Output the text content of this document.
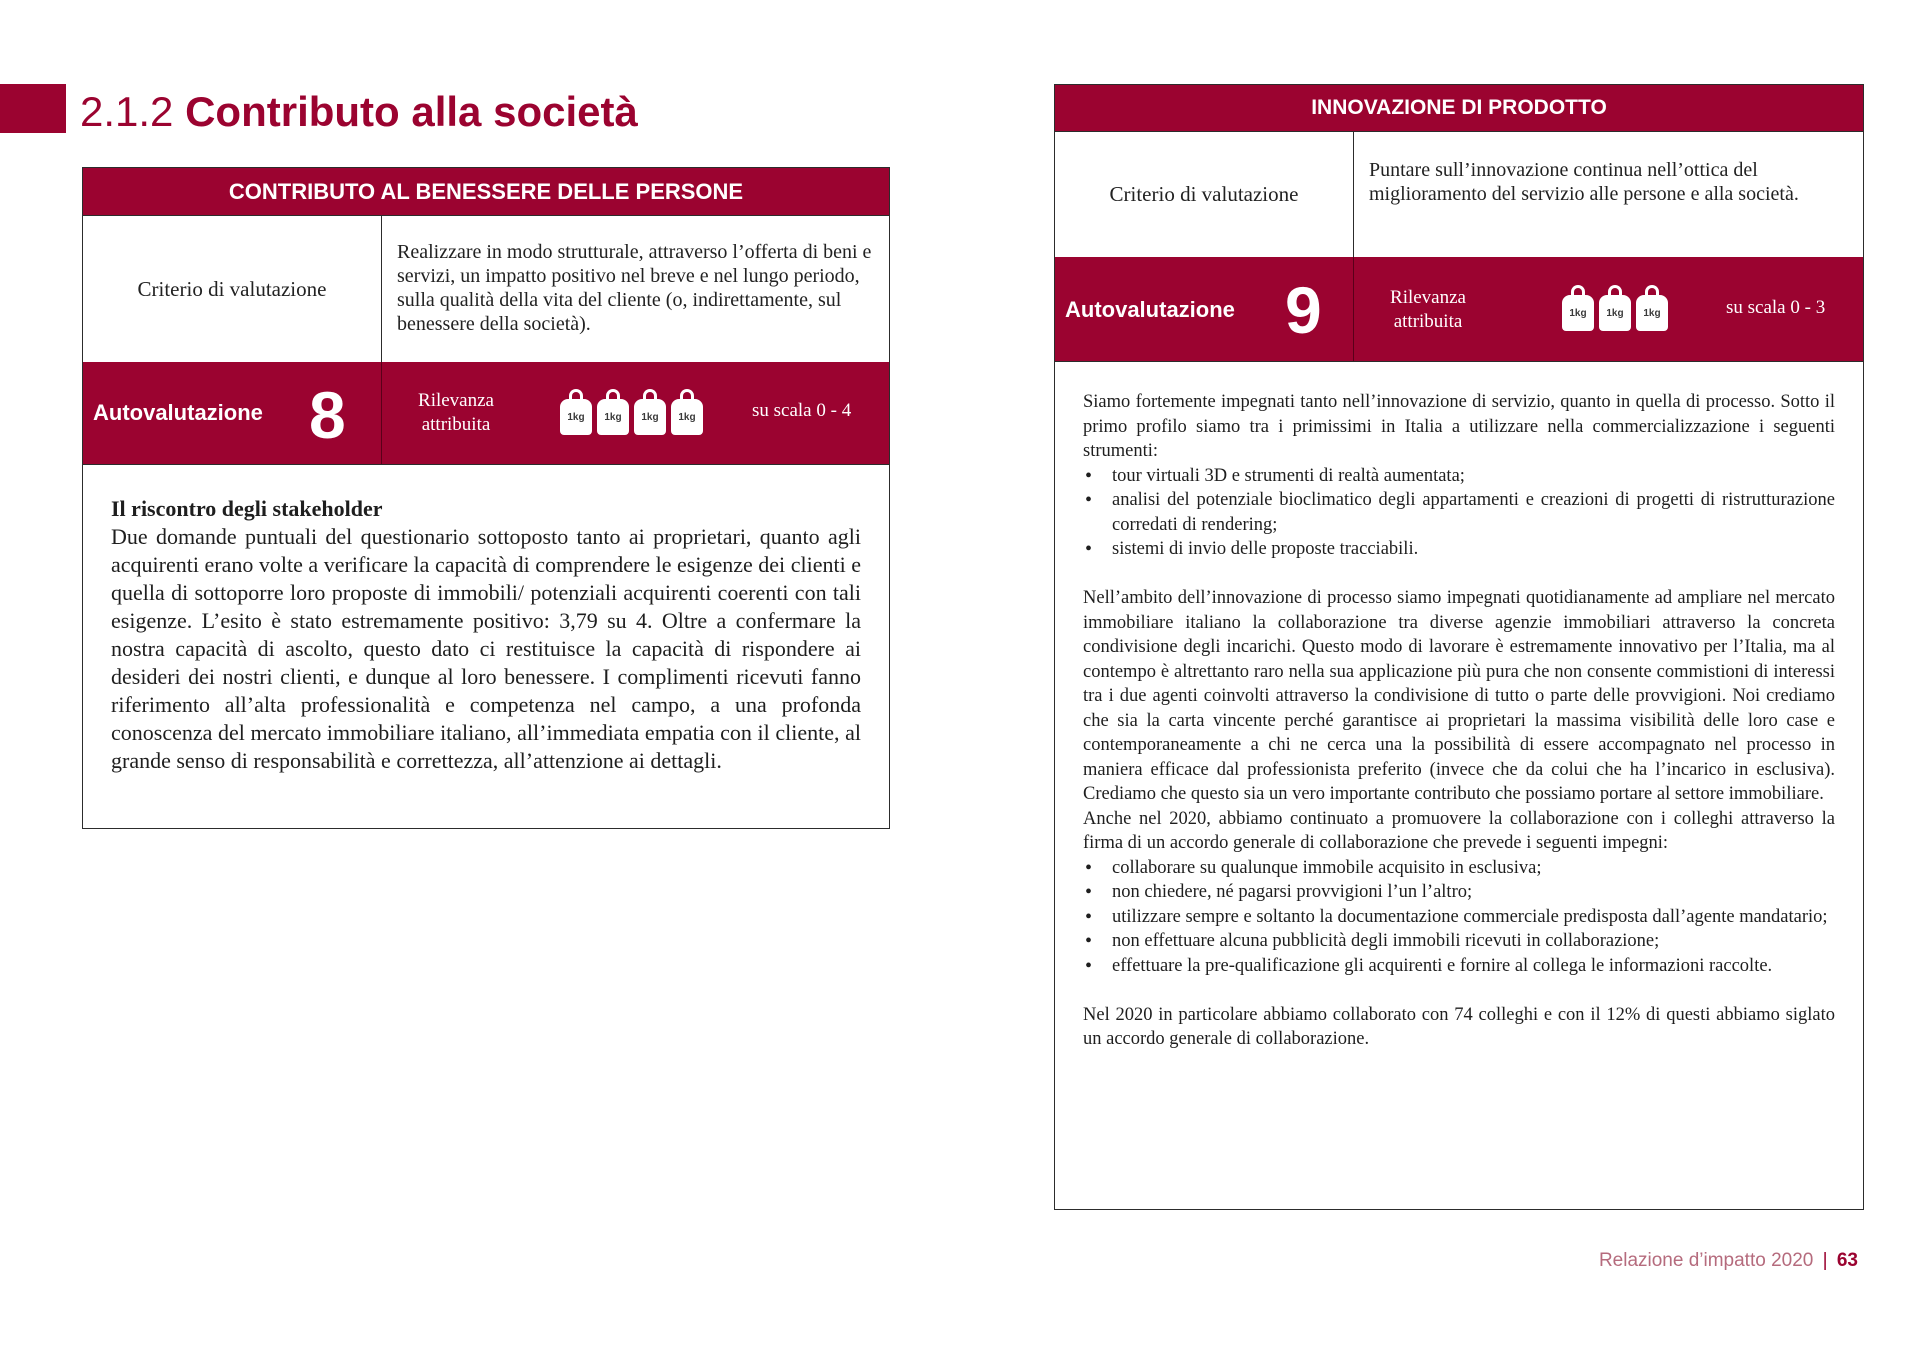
2.1.2 Contributo alla società
CONTRIBUTO AL BENESSERE DELLE PERSONE
Criterio di valutazione
Realizzare in modo strutturale, attraverso l’offerta di beni e servizi, un impatto positivo nel breve e nel lungo periodo, sulla qualità della vita del cliente (o, indirettamente, sul benessere della società).
Autovalutazione 8	Rilevanza attribuita	1kg 1kg 1kg 1kg	su scala 0 - 4
Il riscontro degli stakeholder
Due domande puntuali del questionario sottoposto tanto ai proprietari, quanto agli acquirenti erano volte a verificare la capacità di comprendere le esigenze dei clienti e quella di sottoporre loro proposte di immobili/ potenziali acquirenti coerenti con tali esigenze. L’esito è stato estremamente positivo: 3,79 su 4. Oltre a confermare la nostra capacità di ascolto, questo dato ci restituisce la capacità di rispondere ai desideri dei nostri clienti, e dunque al loro benessere. I complimenti ricevuti fanno riferimento all’alta professionalità e competenza nel campo, a una profonda conoscenza del mercato immobiliare italiano, all’immediata empatia con il cliente, al grande senso di responsabilità e correttezza, all’attenzione ai dettagli.
INNOVAZIONE DI PRODOTTO
Criterio di valutazione
Puntare sull’innovazione continua nell’ottica del miglioramento del servizio alle persone e alla società.
Autovalutazione 9	Rilevanza attribuita	1kg 1kg 1kg	su scala 0 - 3

Siamo fortemente impegnati tanto nell’innovazione di servizio, quanto in quella di processo. Sotto il primo profilo siamo tra i primissimi in Italia a utilizzare nella commercializzazione i seguenti strumenti:

• tour virtuali 3D e strumenti di realtà aumentata;
• analisi del potenziale bioclimatico degli appartamenti e creazioni di progetti di ristrutturazione corredati di rendering;
• sistemi di invio delle proposte tracciabili.

Nell’ambito dell’innovazione di processo siamo impegnati quotidianamente ad ampliare nel mercato immobiliare italiano la collaborazione tra diverse agenzie immobiliari attraverso la concreta condivisione degli incarichi. Questo modo di lavorare è estremamente innovativo per l’Italia, ma al contempo è altrettanto raro nella sua applicazione più pura che non consente commistioni di interessi tra i due agenti coinvolti attraverso la condivisione di tutto o parte delle provvigioni. Noi crediamo che sia la carta vincente perché garantisce ai proprietari la massima visibilità delle loro case e contemporaneamente a chi ne cerca una la possibilità di essere accompagnato nel processo in maniera efficace dal professionista preferito (invece che da colui che ha l’incarico in esclusiva). Crediamo che questo sia un vero importante contributo che possiamo portare al settore immobiliare.

Anche nel 2020, abbiamo continuato a promuovere la collaborazione con i colleghi attraverso la firma di un accordo generale di collaborazione che prevede i seguenti impegni:

• collaborare su qualunque immobile acquisito in esclusiva;
• non chiedere, né pagarsi provvigioni l’un l’altro;
• utilizzare sempre e soltanto la documentazione commerciale predisposta dall’agente mandatario;
• non effettuare alcuna pubblicità degli immobili ricevuti in collaborazione;
• effettuare la pre-qualificazione gli acquirenti e fornire al collega le informazioni raccolte.

Nel 2020 in particolare abbiamo collaborato con 74 colleghi e con il 12% di questi abbiamo siglato un accordo generale di collaborazione.

Relazione d’impatto 2020 | 63
